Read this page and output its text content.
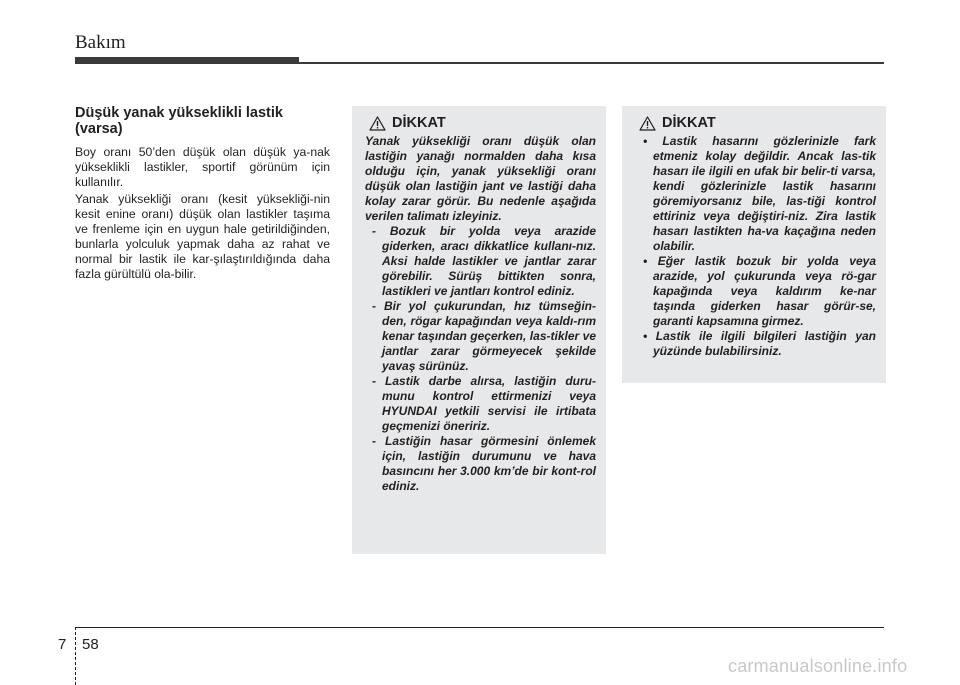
Bakım
Düşük yanak yükseklikli lastik (varsa)

Boy oranı 50’den düşük olan düşük ya-nak yükseklikli lastikler, sportif görünüm için kullanılır.

Yanak yüksekliği oranı (kesit yüksekliği-nin kesit enine oranı) düşük olan lastikler taşıma ve frenleme için en uygun hale getirildiğinden, bunlarla yolculuk yapmak daha az rahat ve normal bir lastik ile kar-şılaştırıldığında daha fazla gürültülü ola-bilir.

DİKKAT

Yanak yüksekliği oranı düşük olan lastiğin yanağı normalden daha kısa olduğu için, yanak yüksekliği oranı düşük olan lastiğin jant ve lastiği daha kolay zarar görür. Bu nedenle aşağıda verilen talimatı izleyiniz.

- Bozuk bir yolda veya arazide giderken, aracı dikkatlice kullanı-nız. Aksi halde lastikler ve jantlar zarar görebilir. Sürüş bittikten sonra, lastikleri ve jantları kontrol ediniz.
- Bir yol çukurundan, hız tümseğin-den, rögar kapağından veya kaldı-rım kenar taşından geçerken, las-tikler ve jantlar zarar görmeyecek şekilde yavaş sürünüz.
- Lastik darbe alırsa, lastiğin duru-munu kontrol ettirmenizi veya HYUNDAI yetkili servisi ile irtibata geçmenizi öneririz.
- Lastiğin hasar görmesini önlemek için, lastiğin durumunu ve hava basıncını her 3.000 km’de bir kont-rol ediniz.
DİKKAT
• Lastik hasarını gözlerinizle fark etmeniz kolay değildir. Ancak las-tik hasarı ile ilgili en ufak bir belir-ti varsa, kendi gözlerinizle lastik hasarını göremiyorsanız bile, las-tiği kontrol ettiriniz veya değiştiri-niz. Zira lastik hasarı lastikten ha-va kaçağına neden olabilir.
• Eğer lastik bozuk bir yolda veya arazide, yol çukurunda veya rö-gar kapağında veya kaldırım ke-nar taşında giderken hasar görür-se, garanti kapsamına girmez.
• Lastik ile ilgili bilgileri lastiğin yan yüzünde bulabilirsiniz.
7 58
carmanualsonline.info
